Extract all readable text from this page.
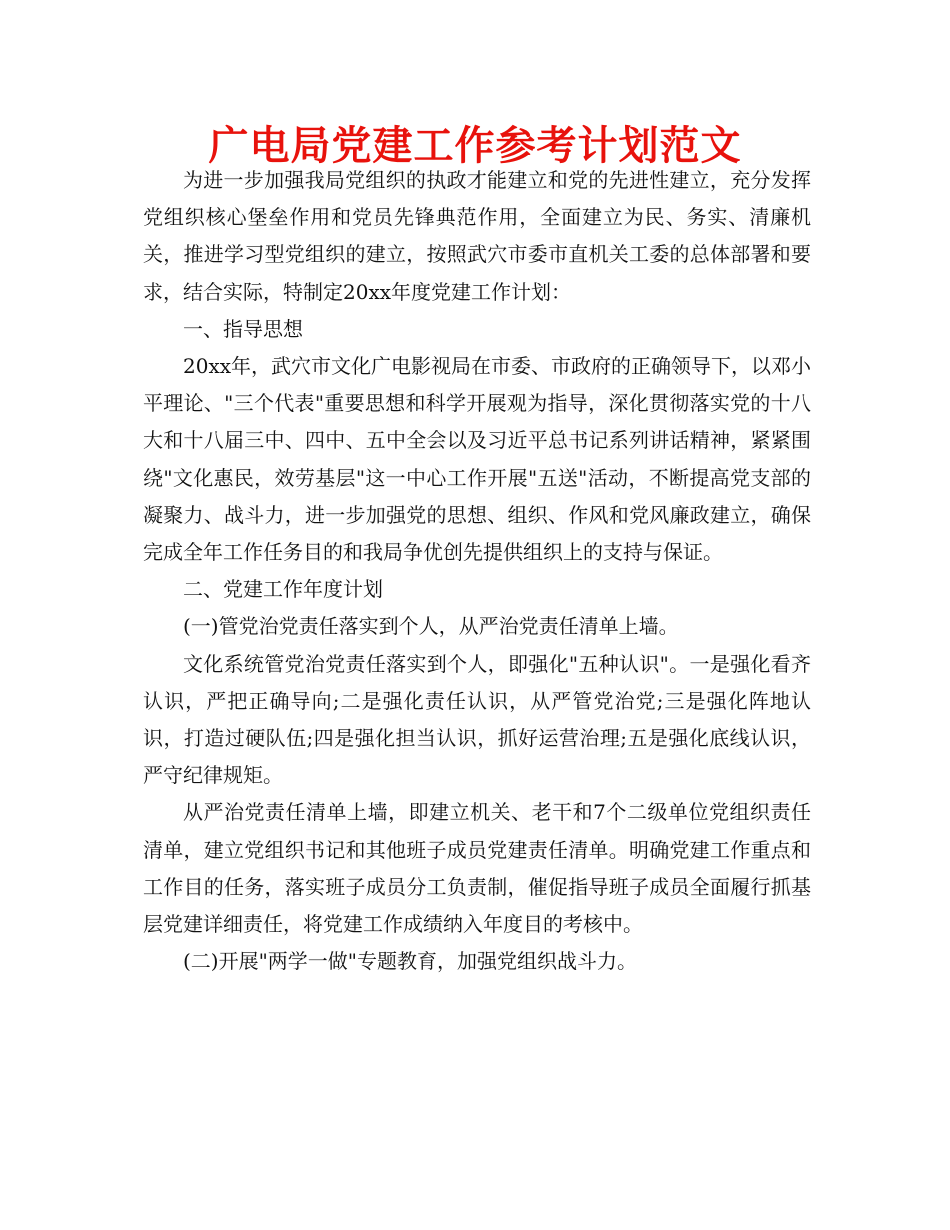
广电局党建工作参考计划范文

为进一步加强我局党组织的执政才能建立和党的先进性建立，充分发挥党组织核心堡垒作用和党员先锋典范作用，全面建立为民、务实、清廉机关，推进学习型党组织的建立，按照武穴市委市直机关工委的总体部署和要求，结合实际，特制定20xx年度党建工作计划：

一、指导思想

20xx年，武穴市文化广电影视局在市委、市政府的正确领导下，以邓小平理论、"三个代表"重要思想和科学开展观为指导，深化贯彻落实党的十八大和十八届三中、四中、五中全会以及习近平总书记系列讲话精神，紧紧围绕"文化惠民，效劳基层"这一中心工作开展"五送"活动，不断提高党支部的凝聚力、战斗力，进一步加强党的思想、组织、作风和党风廉政建立，确保完成全年工作任务目的和我局争优创先提供组织上的支持与保证。

二、党建工作年度计划

(一)管党治党责任落实到个人，从严治党责任清单上墙。

文化系统管党治党责任落实到个人，即强化"五种认识"。一是强化看齐认识，严把正确导向;二是强化责任认识，从严管党治党;三是强化阵地认识，打造过硬队伍;四是强化担当认识，抓好运营治理;五是强化底线认识，严守纪律规矩。

从严治党责任清单上墙，即建立机关、老干和7个二级单位党组织责任清单，建立党组织书记和其他班子成员党建责任清单。明确党建工作重点和工作目的任务，落实班子成员分工负责制，催促指导班子成员全面履行抓基层党建详细责任，将党建工作成绩纳入年度目的考核中。

(二)开展"两学一做"专题教育，加强党组织战斗力。
